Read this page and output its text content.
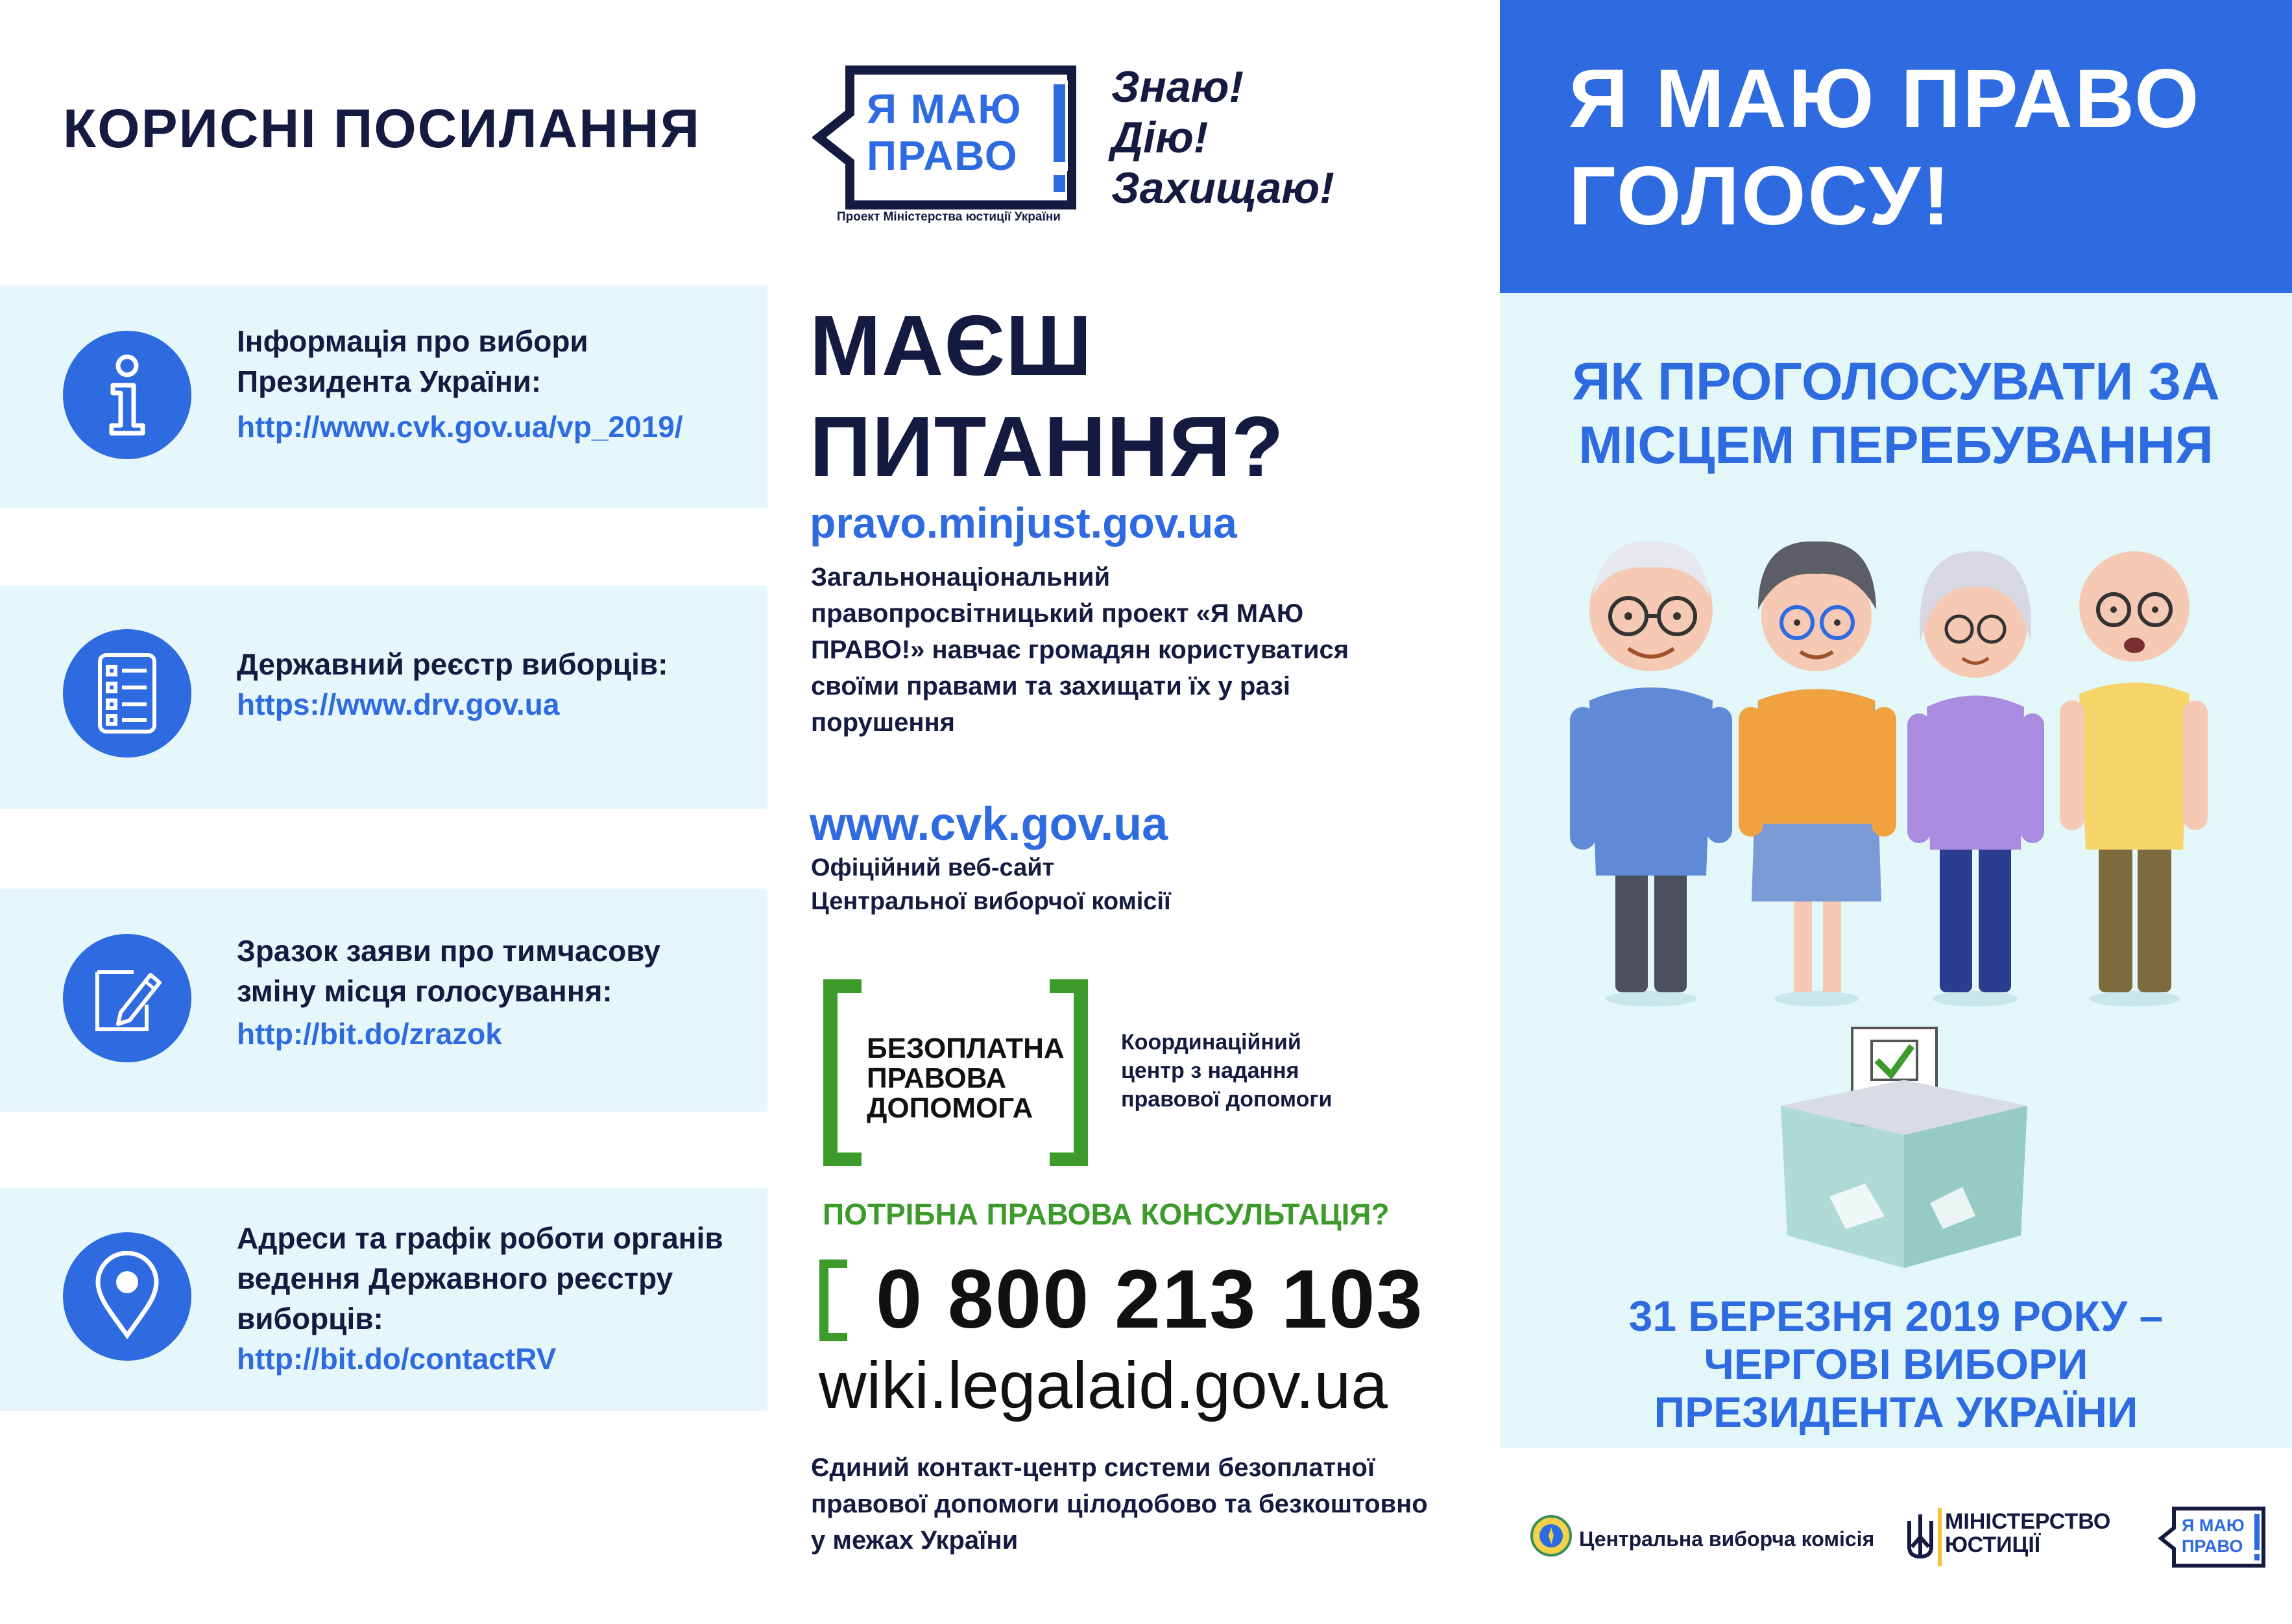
КОРИСНІ ПОСИЛАННЯ
Інформація про вибори
Президента України:
http://www.cvk.gov.ua/vp_2019/
Державний реєстр виборців:
https://www.drv.gov.ua
Зразок заяви про тимчасову
зміну місця голосування:
http://bit.do/zrazok
Адреси та графік роботи органів
ведення Державного реєстру
виборців:
http://bit.do/contactRV
Я МАЮ
ПРАВО
Проект Міністерства юстиції України
Знаю!
Дію!
Захищаю!
МАЄШ
ПИТАННЯ?
pravo.minjust.gov.ua
Загальнонаціональний
правопросвітницький проект «Я МАЮ
ПРАВО!» навчає громадян користуватися
своїми правами та захищати їх у разі
порушення
www.cvk.gov.ua
Офіційний веб-сайт
Центральної виборчої комісії
БЕЗОПЛАТНА
ПРАВОВА
ДОПОМОГА
Координаційний
центр з надання
правової допомоги
ПОТРІБНА ПРАВОВА КОНСУЛЬТАЦІЯ?
0 800 213 103
wiki.legalaid.gov.ua
Єдиний контакт-центр системи безоплатної
правової допомоги цілодобово та безкоштовно
у межах України
Я МАЮ ПРАВО
ГОЛОСУ!
ЯК ПРОГОЛОСУВАТИ ЗА
МІСЦЕМ ПЕРЕБУВАННЯ
31 БЕРЕЗНЯ 2019 РОКУ –
ЧЕРГОВІ ВИБОРИ
ПРЕЗИДЕНТА УКРАЇНИ
Центральна виборча комісія
МІНІСТЕРСТВО
ЮСТИЦІЇ
Я МАЮ
ПРАВО
